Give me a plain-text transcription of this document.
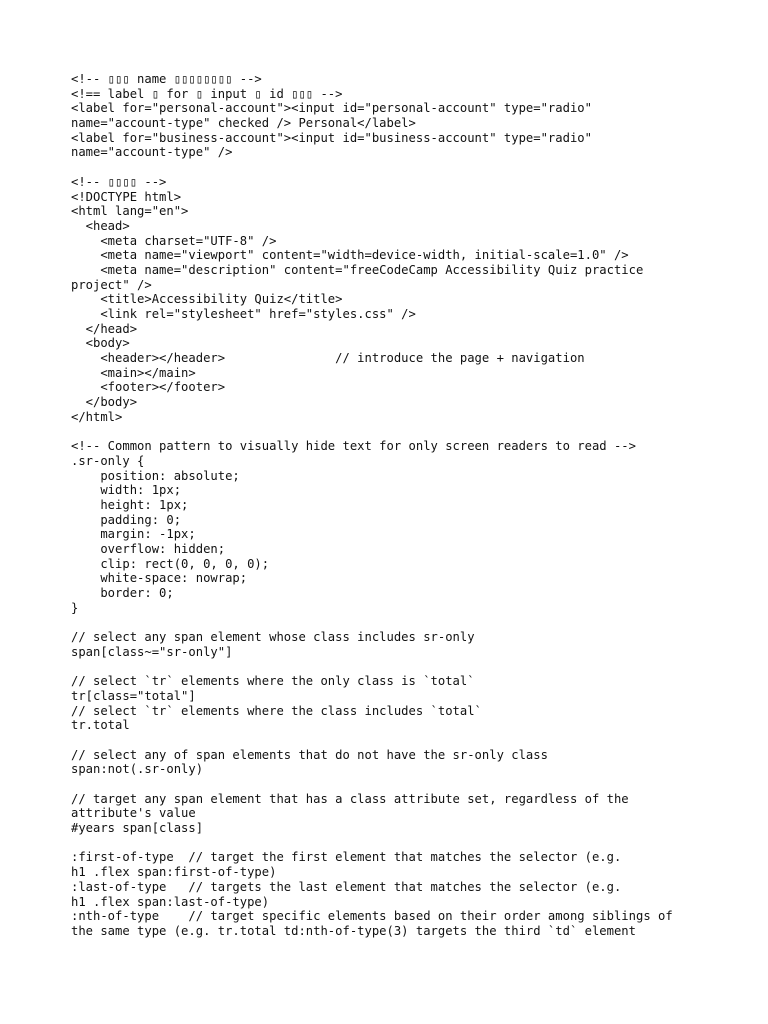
<!-- ▯▯▯ name ▯▯▯▯▯▯▯▯ -->
<!== label ▯ for ▯ input ▯ id ▯▯▯ -->
<label for="personal-account"><input id="personal-account" type="radio"
name="account-type" checked /> Personal</label>
<label for="business-account"><input id="business-account" type="radio"
name="account-type" />
<!-- ▯▯▯▯ -->
<!DOCTYPE html>
<html lang="en">
<head>
<meta charset="UTF-8" />
<meta name="viewport" content="width=device-width, initial-scale=1.0" />
<meta name="description" content="freeCodeCamp Accessibility Quiz practice
project" />
<title>Accessibility Quiz</title>
<link rel="stylesheet" href="styles.css" />
</head>
<body>
<header></header>               // introduce the page + navigation
<main></main>
<footer></footer>
</body>
</html>
<!-- Common pattern to visually hide text for only screen readers to read -->
.sr-only {
position: absolute;
width: 1px;
height: 1px;
padding: 0;
margin: -1px;
overflow: hidden;
clip: rect(0, 0, 0, 0);
white-space: nowrap;
border: 0;
}
// select any span element whose class includes sr-only
span[class~="sr-only"]
// select `tr` elements where the only class is `total`
tr[class="total"]
// select `tr` elements where the class includes `total`
tr.total
// select any of span elements that do not have the sr-only class
span:not(.sr-only)
// target any span element that has a class attribute set, regardless of the
attribute's value
#years span[class]
:first-of-type  // target the first element that matches the selector (e.g.
h1 .flex span:first-of-type)
:last-of-type   // targets the last element that matches the selector (e.g.
h1 .flex span:last-of-type)
:nth-of-type    // target specific elements based on their order among siblings of
the same type (e.g. tr.total td:nth-of-type(3) targets the third `td` element
